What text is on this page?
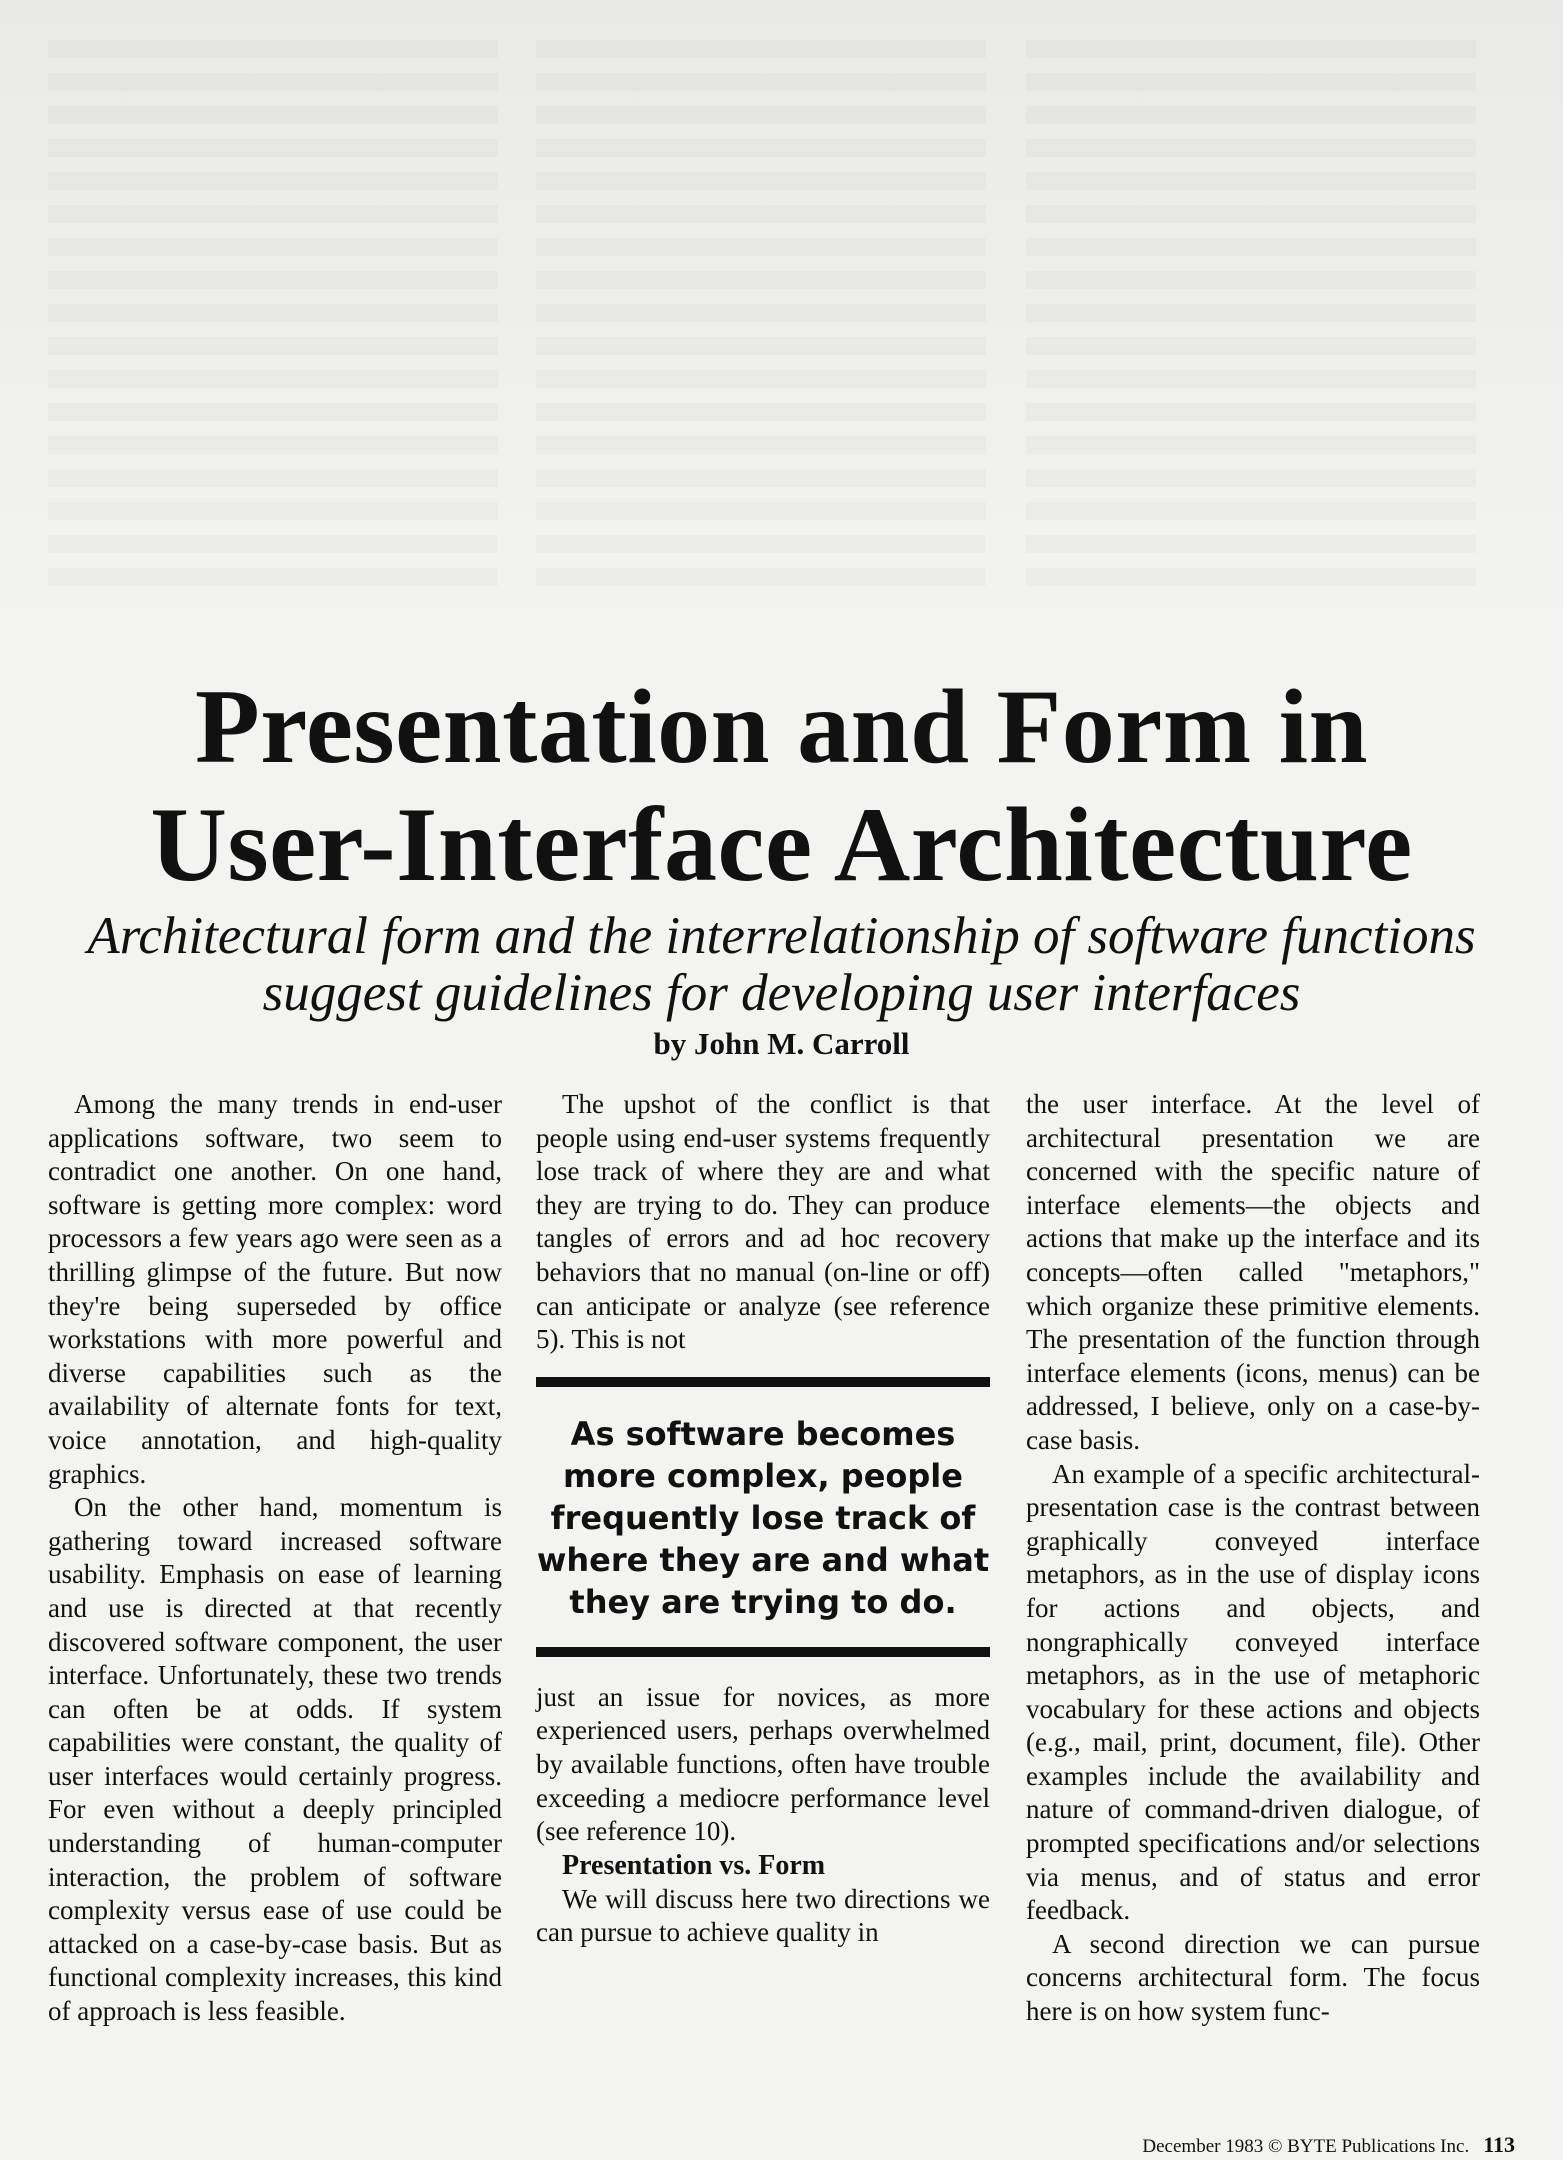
Presentation and Form in
User-Interface Architecture
Architectural form and the interrelationship of software functions
suggest guidelines for developing user interfaces
by John M. Carroll

Among the many trends in end-user applications software, two seem to contradict one another. On one hand, software is getting more complex: word processors a few years ago were seen as a thrilling glimpse of the future. But now they're being superseded by office workstations with more powerful and diverse capabilities such as the availability of alternate fonts for text, voice annotation, and high-quality graphics.

On the other hand, momentum is gathering toward increased software usability. Emphasis on ease of learning and use is directed at that recently discovered software component, the user interface. Unfortunately, these two trends can often be at odds. If system capabilities were constant, the quality of user interfaces would certainly progress. For even without a deeply principled understanding of human-computer interaction, the problem of software complexity versus ease of use could be attacked on a case-by-case basis. But as functional complexity increases, this kind of approach is less feasible.

The upshot of the conflict is that people using end-user systems frequently lose track of where they are and what they are trying to do. They can produce tangles of errors and ad hoc recovery behaviors that no manual (on-line or off) can anticipate or analyze (see reference 5). This is not

As software becomes more complex, people frequently lose track of where they are and what they are trying to do.

just an issue for novices, as more experienced users, perhaps overwhelmed by available functions, often have trouble exceeding a mediocre performance level (see reference 10).

Presentation vs. Form

We will discuss here two directions we can pursue to achieve quality in

the user interface. At the level of architectural presentation we are concerned with the specific nature of interface elements—the objects and actions that make up the interface and its concepts—often called "metaphors," which organize these primitive elements. The presentation of the function through interface elements (icons, menus) can be addressed, I believe, only on a case-by-case basis.

An example of a specific architectural-presentation case is the contrast between graphically conveyed interface metaphors, as in the use of display icons for actions and objects, and nongraphically conveyed interface metaphors, as in the use of metaphoric vocabulary for these actions and objects (e.g., mail, print, document, file). Other examples include the availability and nature of command-driven dialogue, of prompted specifications and/or selections via menus, and of status and error feedback.

A second direction we can pursue concerns architectural form. The focus here is on how system func-

December 1983 © BYTE Publications Inc. 113
